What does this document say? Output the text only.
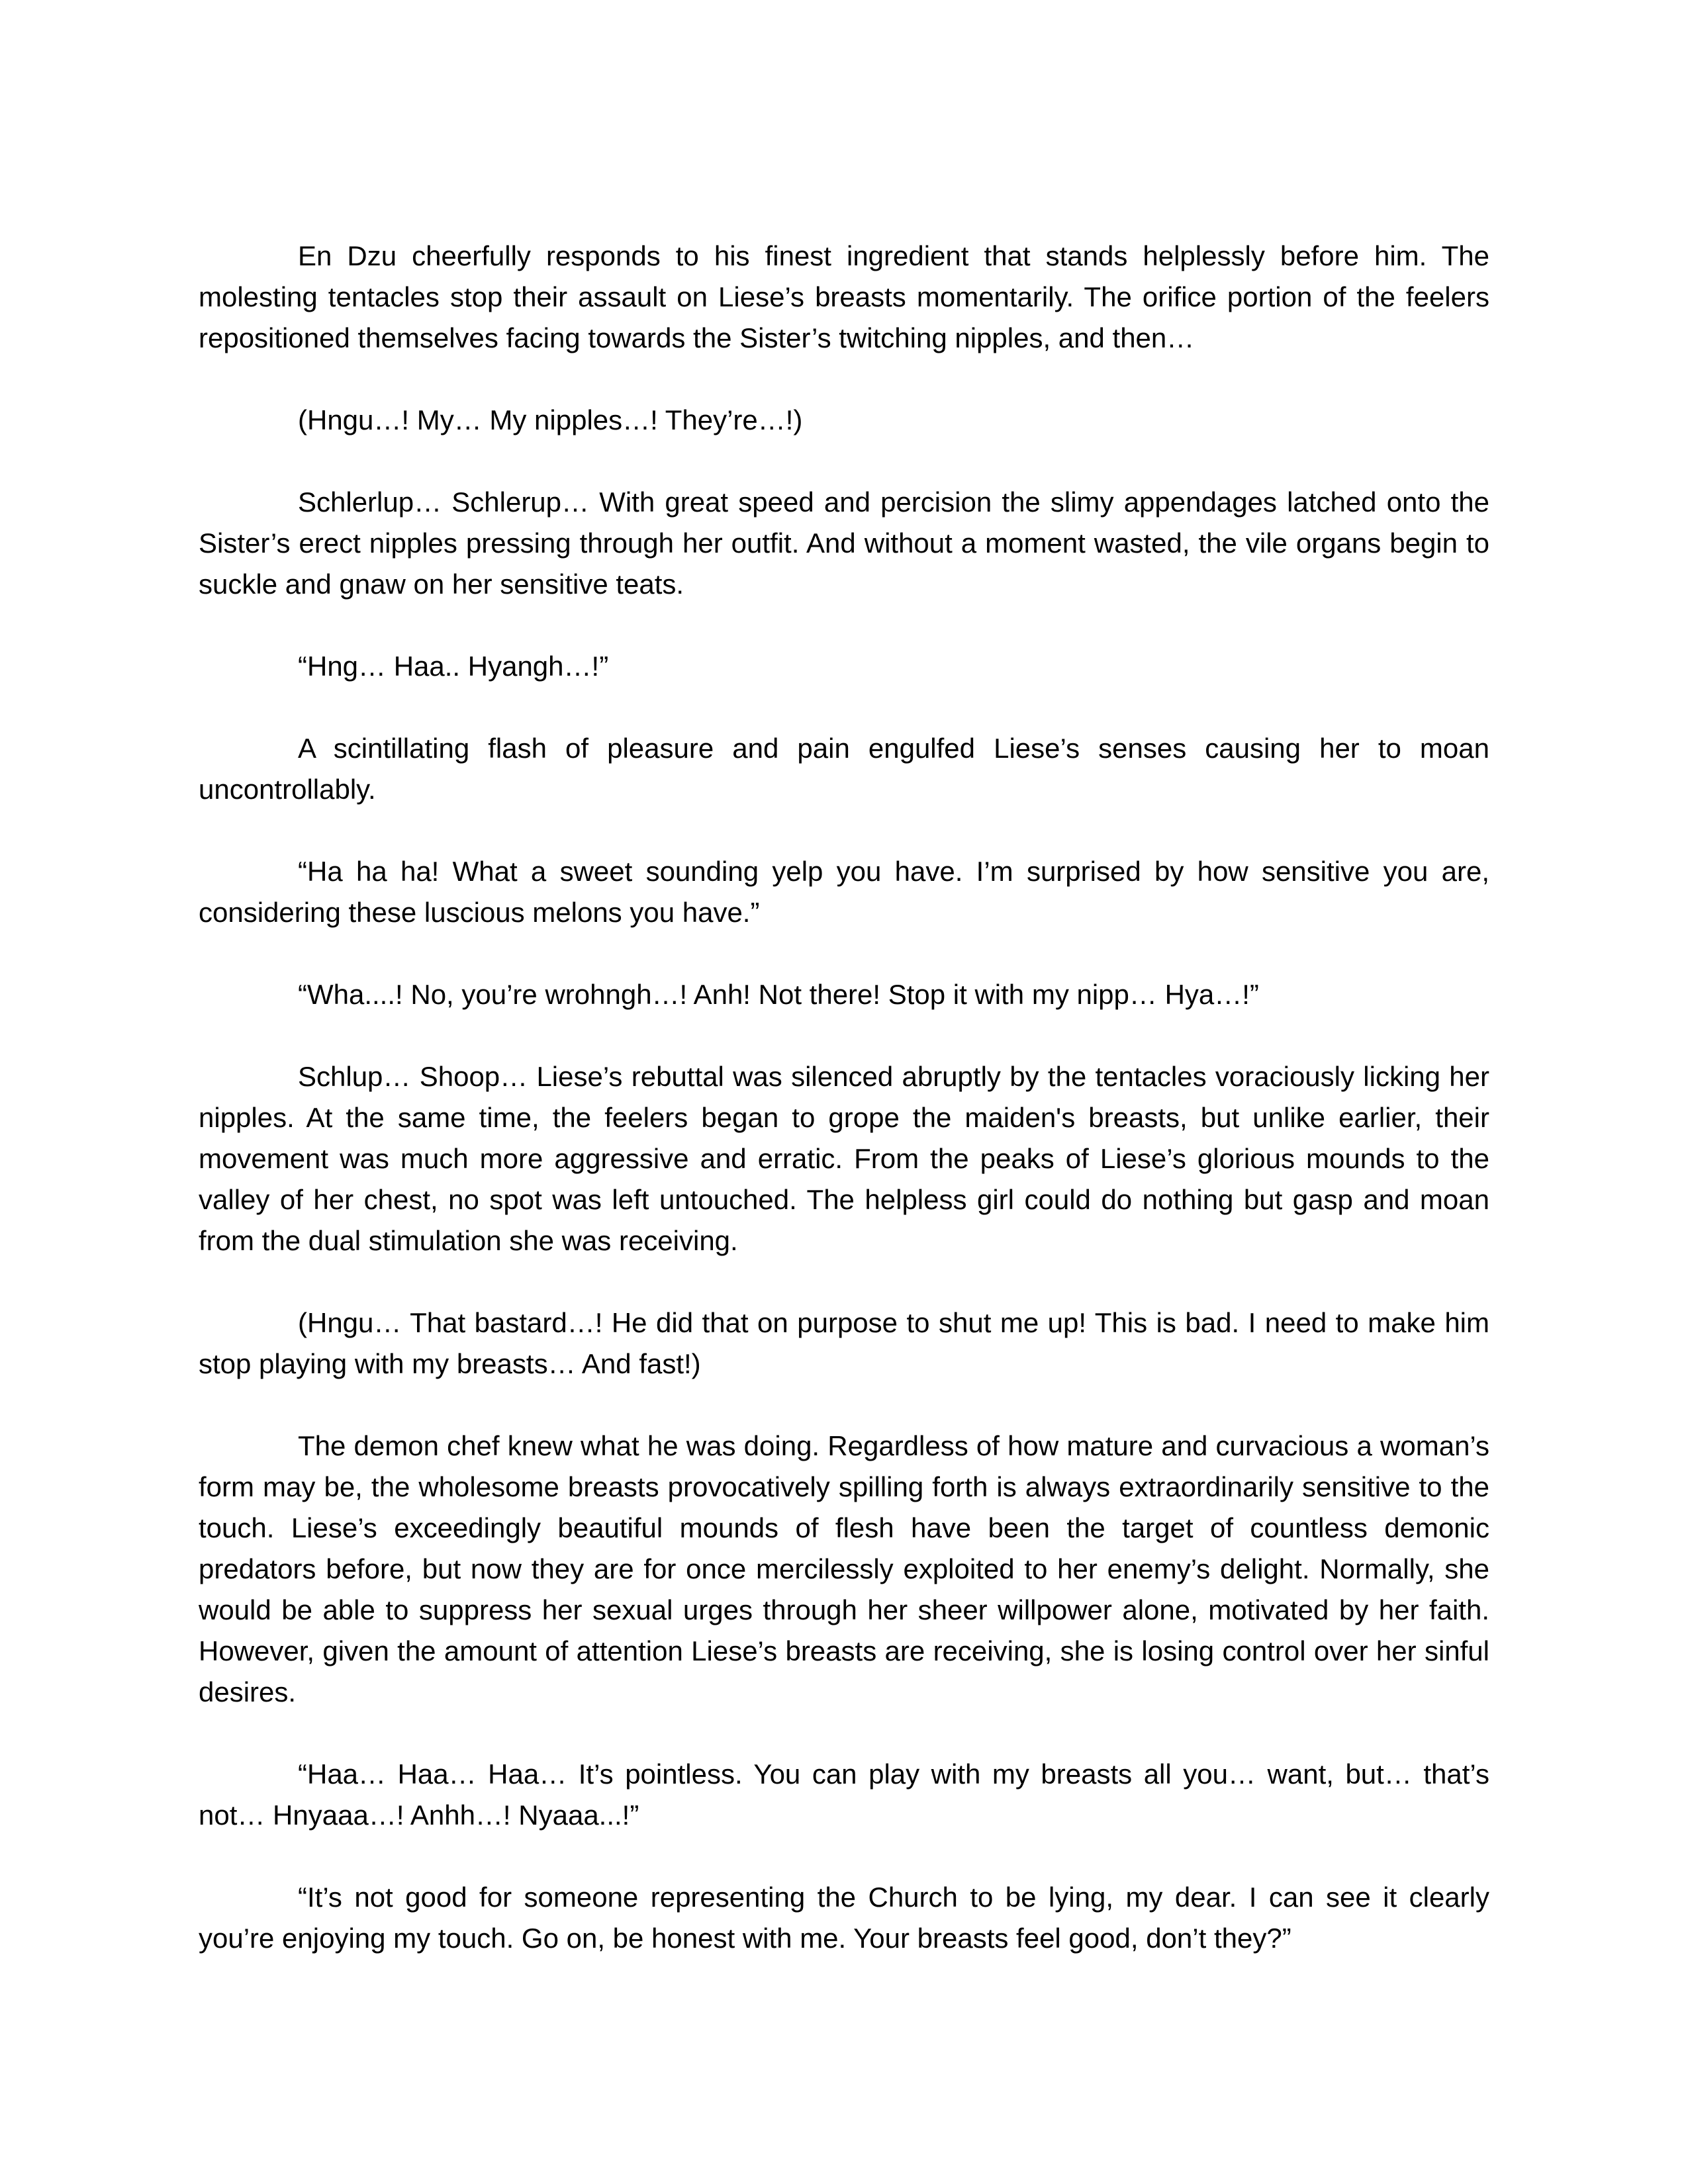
En Dzu cheerfully responds to his finest ingredient that stands helplessly before him. The molesting tentacles stop their assault on Liese’s breasts momentarily. The orifice portion of the feelers repositioned themselves facing towards the Sister’s twitching nipples, and then…

(Hngu…! My… My nipples…! They’re…!)

Schlerlup… Schlerup… With great speed and percision the slimy appendages latched onto the Sister’s erect nipples pressing through her outfit. And without a moment wasted, the vile organs begin to suckle and gnaw on her sensitive teats.

“Hng… Haa.. Hyangh…!”

A scintillating flash of pleasure and pain engulfed Liese’s senses causing her to moan uncontrollably.

“Ha ha ha! What a sweet sounding yelp you have. I’m surprised by how sensitive you are, considering these luscious melons you have.”

“Wha....! No, you’re wrohngh…! Anh! Not there! Stop it with my nipp… Hya…!”

Schlup… Shoop… Liese’s rebuttal was silenced abruptly by the tentacles voraciously licking her nipples. At the same time, the feelers began to grope the maiden's breasts, but unlike earlier, their movement was much more aggressive and erratic. From the peaks of Liese’s glorious mounds to the valley of her chest, no spot was left untouched. The helpless girl could do nothing but gasp and moan from the dual stimulation she was receiving.

(Hngu… That bastard…! He did that on purpose to shut me up! This is bad. I need to make him stop playing with my breasts… And fast!)

The demon chef knew what he was doing. Regardless of how mature and curvacious a woman’s form may be, the wholesome breasts provocatively spilling forth is always extraordinarily sensitive to the touch. Liese’s exceedingly beautiful mounds of flesh have been the target of countless demonic predators before, but now they are for once mercilessly exploited to her enemy’s delight. Normally, she would be able to suppress her sexual urges through her sheer willpower alone, motivated by her faith. However, given the amount of attention Liese’s breasts are receiving, she is losing control over her sinful desires.

“Haa… Haa… Haa… It’s pointless. You can play with my breasts all you… want, but… that’s not… Hnyaaa…! Anhh…! Nyaaa...!”

“It’s not good for someone representing the Church to be lying, my dear. I can see it clearly you’re enjoying my touch. Go on, be honest with me. Your breasts feel good, don’t they?”
